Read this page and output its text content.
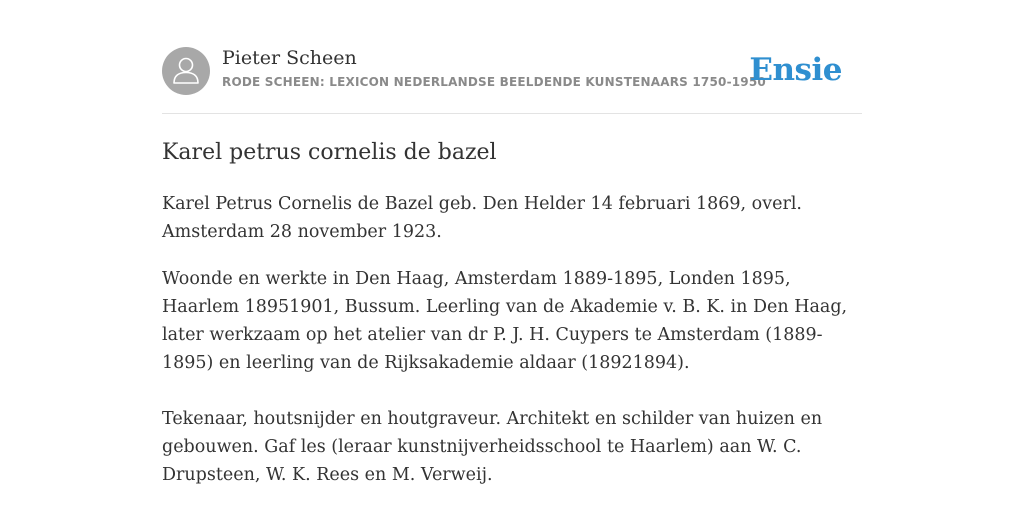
Pieter Scheen
RODE SCHEEN: LEXICON NEDERLANDSE BEELDENDE KUNSTENAARS 1750-1950
Ensie
Karel petrus cornelis de bazel

Karel Petrus Cornelis de Bazel geb. Den Helder 14 februari 1869, overl. Amsterdam 28 november 1923.

Woonde en werkte in Den Haag, Amsterdam 1889-1895, Londen 1895, Haarlem 18951901, Bussum. Leerling van de Akademie v. B. K. in Den Haag, later werkzaam op het atelier van dr P. J. H. Cuypers te Amsterdam (1889-1895) en leerling van de Rijksakademie aldaar (18921894).

Tekenaar, houtsnijder en houtgraveur. Architekt en schilder van huizen en gebouwen. Gaf les (leraar kunstnijverheidsschool te Haarlem) aan W. C. Drupsteen, W. K. Rees en M. Verweij.
